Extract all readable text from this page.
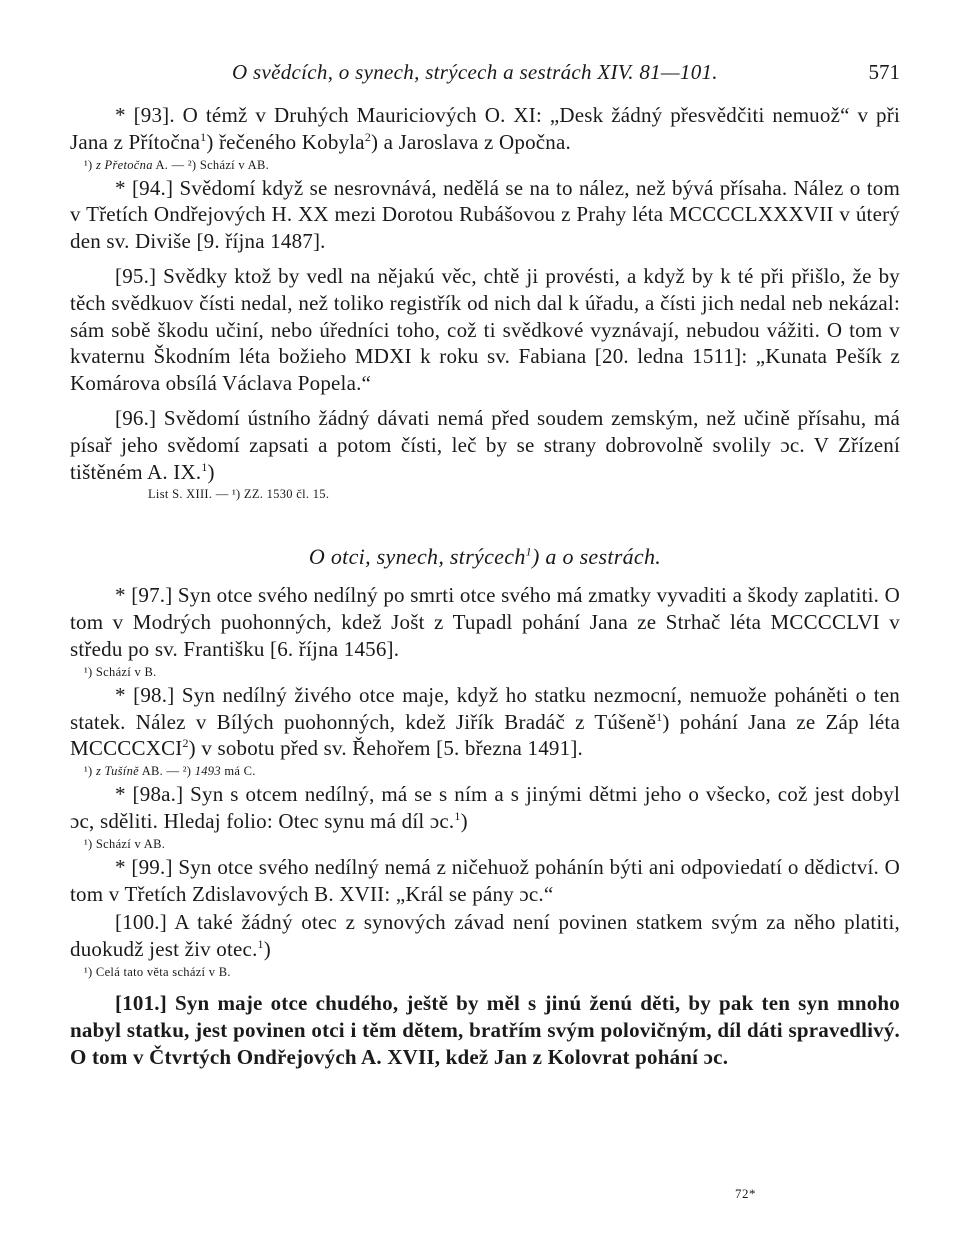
O svědcích, o synech, strýcech a sestrách XIV. 81—101.	571

* [93]. O témž v Druhých Mauriciových O. XI: „Desk žádný přesvědčiti nemuož“ v při Jana z Přítočna$^1$) řečeného Kobyla$^2$) a Jaroslava z Opočna.

¹) z Přetočna A. — ²) Schází v AB.

* [94.] Svědomí když se nesrovnává, nedělá se na to nález, než bývá přísaha. Nález o tom v Třetích Ondřejových H. XX mezi Dorotou Rubášovou z Prahy léta MCCCCLXXXVII v úterý den sv. Diviše [9. října 1487].

[95.] Svědky ktož by vedl na nějakú věc, chtě ji provésti, a když by k té při přišlo, že by těch svědkuov čísti nedal, než toliko registřík od nich dal k úřadu, a čísti jich nedal neb nekázal: sám sobě škodu učiní, nebo úředníci toho, což ti svědkové vyznávají, nebudou vážiti. O tom v kvaternu Škodním léta božieho MDXI k roku sv. Fabiana [20. ledna 1511]: „Kunata Pešík z Komárova obsílá Václava Popela.“

[96.] Svědomí ústního žádný dávati nemá před soudem zemským, než učině přísahu, má písař jeho svědomí zapsati a potom čísti, leč by se strany dobrovolně svolily ɔc. V Zřízení tištěném A. IX.$^1$)

List S. XIII. — ¹) ZZ. 1530 čl. 15.

O otci, synech, strýcech$^1$) a o sestrách.

* [97.] Syn otce svého nedílný po smrti otce svého má zmatky vyvaditi a škody zaplatiti. O tom v Modrých puohonných, kdež Jošt z Tupadl pohání Jana ze Strhač léta MCCCCLVI v středu po sv. Františku [6. října 1456].

¹) Schází v B.

* [98.] Syn nedílný živého otce maje, když ho statku nezmocní, nemuože poháněti o ten statek. Nález v Bílých puohonných, kdež Jiřík Bradáč z Túšeně$^1$) pohání Jana ze Záp léta MCCCCXCI$^2$) v sobotu před sv. Řehořem [5. března 1491].

¹) z Tušíně AB. — ²) 1493 má C.

* [98a.] Syn s otcem nedílný, má se s ním a s jinými dětmi jeho o všecko, což jest dobyl ɔc, sděliti. Hledaj folio: Otec synu má díl ɔc.$^1$)

¹) Schází v AB.

* [99.] Syn otce svého nedílný nemá z ničehuož pohánín býti ani odpoviedatí o dědictví. O tom v Třetích Zdislavových B. XVII: „Král se pány ɔc.“

[100.] A také žádný otec z synových závad není povinen statkem svým za něho platiti, duokudž jest živ otec.$^1$)

¹) Celá tato věta schází v B.

[101.] Syn maje otce chudého, ještě by měl s jinú ženú děti, by pak ten syn mnoho nabyl statku, jest povinen otci i těm dětem, bratřím svým polovičným, díl dáti spravedlivý. O tom v Čtvrtých Ondřejových A. XVII, kdež Jan z Kolovrat pohání ɔc.

72*
